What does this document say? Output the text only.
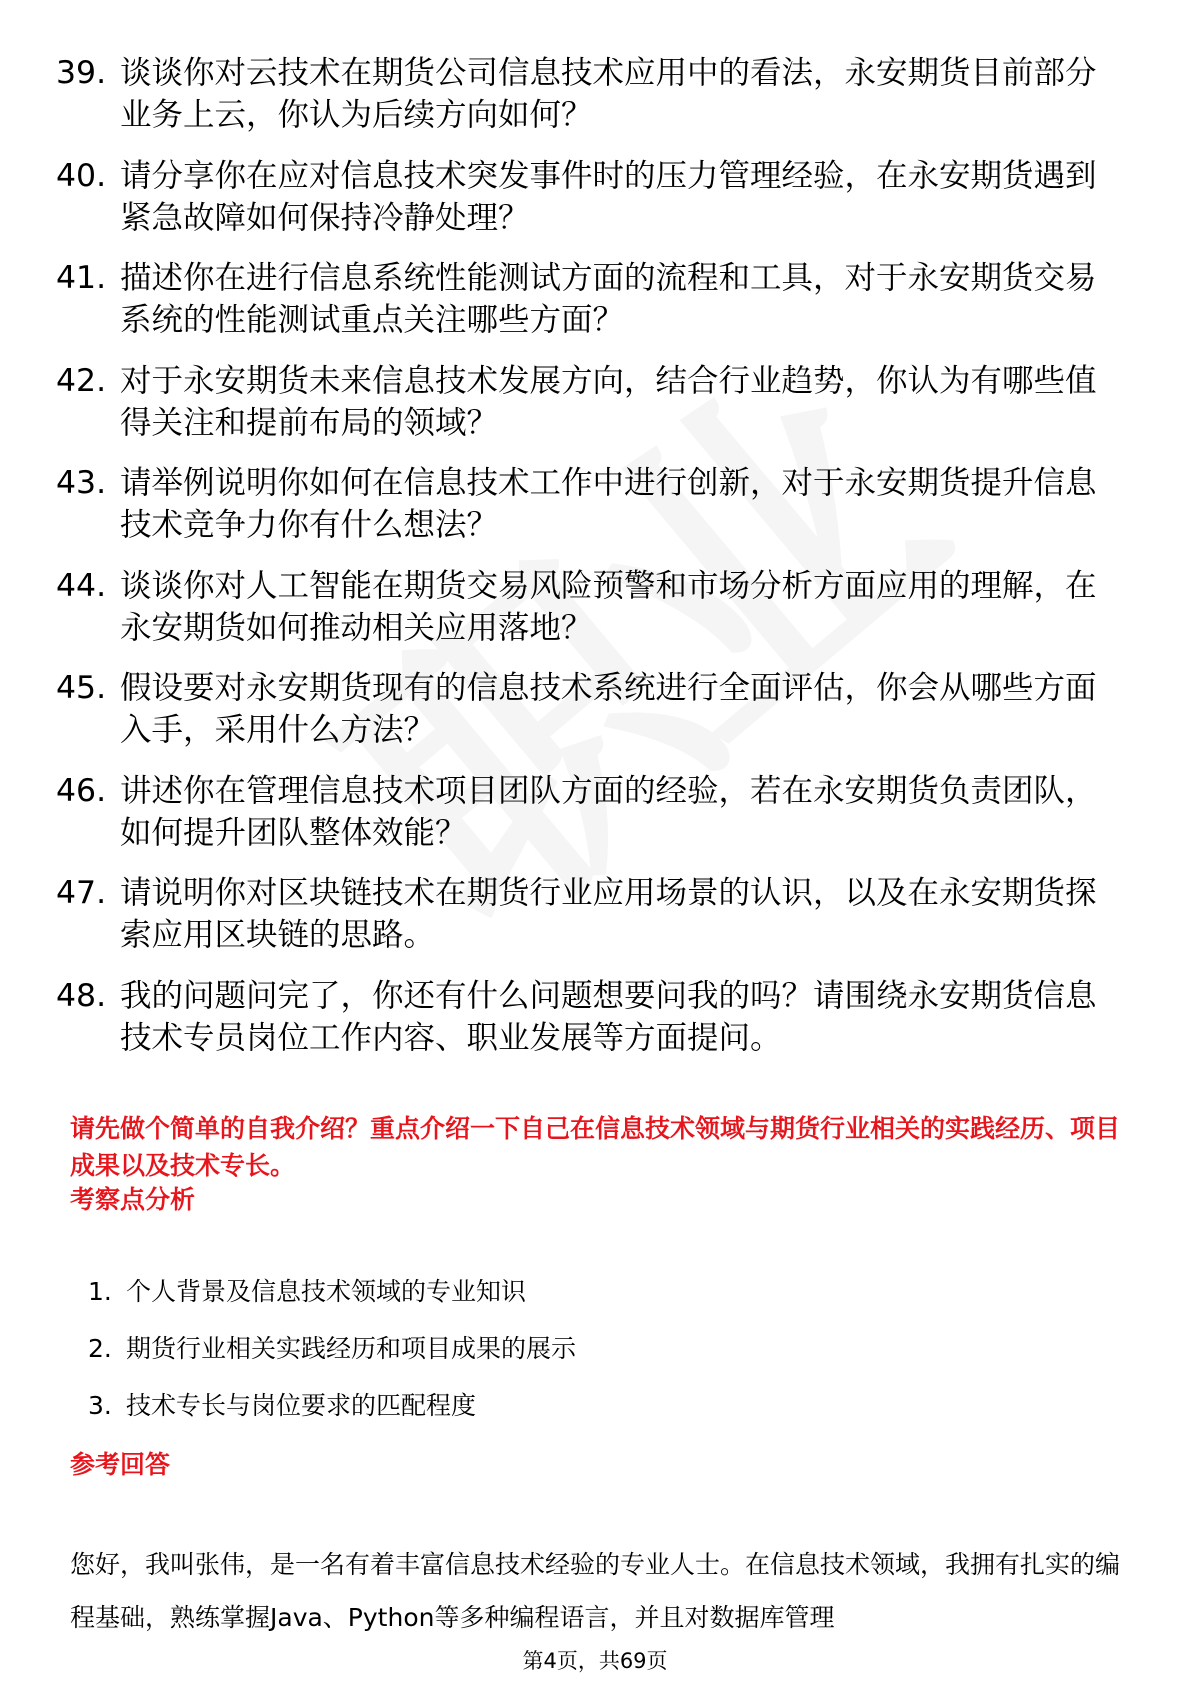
39. 谈谈你对云技术在期货公司信息技术应用中的看法，永安期货目前部分业务上云，你认为后续方向如何？
40. 请分享你在应对信息技术突发事件时的压力管理经验，在永安期货遇到紧急故障如何保持冷静处理？
41. 描述你在进行信息系统性能测试方面的流程和工具，对于永安期货交易系统的性能测试重点关注哪些方面？
42. 对于永安期货未来信息技术发展方向，结合行业趋势，你认为有哪些值得关注和提前布局的领域？
43. 请举例说明你如何在信息技术工作中进行创新，对于永安期货提升信息技术竞争力你有什么想法？
44. 谈谈你对人工智能在期货交易风险预警和市场分析方面应用的理解，在永安期货如何推动相关应用落地？
45. 假设要对永安期货现有的信息技术系统进行全面评估，你会从哪些方面入手，采用什么方法？
46. 讲述你在管理信息技术项目团队方面的经验，若在永安期货负责团队，如何提升团队整体效能？
47. 请说明你对区块链技术在期货行业应用场景的认识，以及在永安期货探索应用区块链的思路。
48. 我的问题问完了，你还有什么问题想要问我的吗？请围绕永安期货信息技术专员岗位工作内容、职业发展等方面提问。
请先做个简单的自我介绍？重点介绍一下自己在信息技术领域与期货行业相关的实践经历、项目成果以及技术专长。
考察点分析
1. 个人背景及信息技术领域的专业知识
2. 期货行业相关实践经历和项目成果的展示
3. 技术专长与岗位要求的匹配程度
参考回答
您好，我叫张伟，是一名有着丰富信息技术经验的专业人士。在信息技术领域，我拥有扎实的编程基础，熟练掌握Java、Python等多种编程语言，并且对数据库管理
第4页，共69页
